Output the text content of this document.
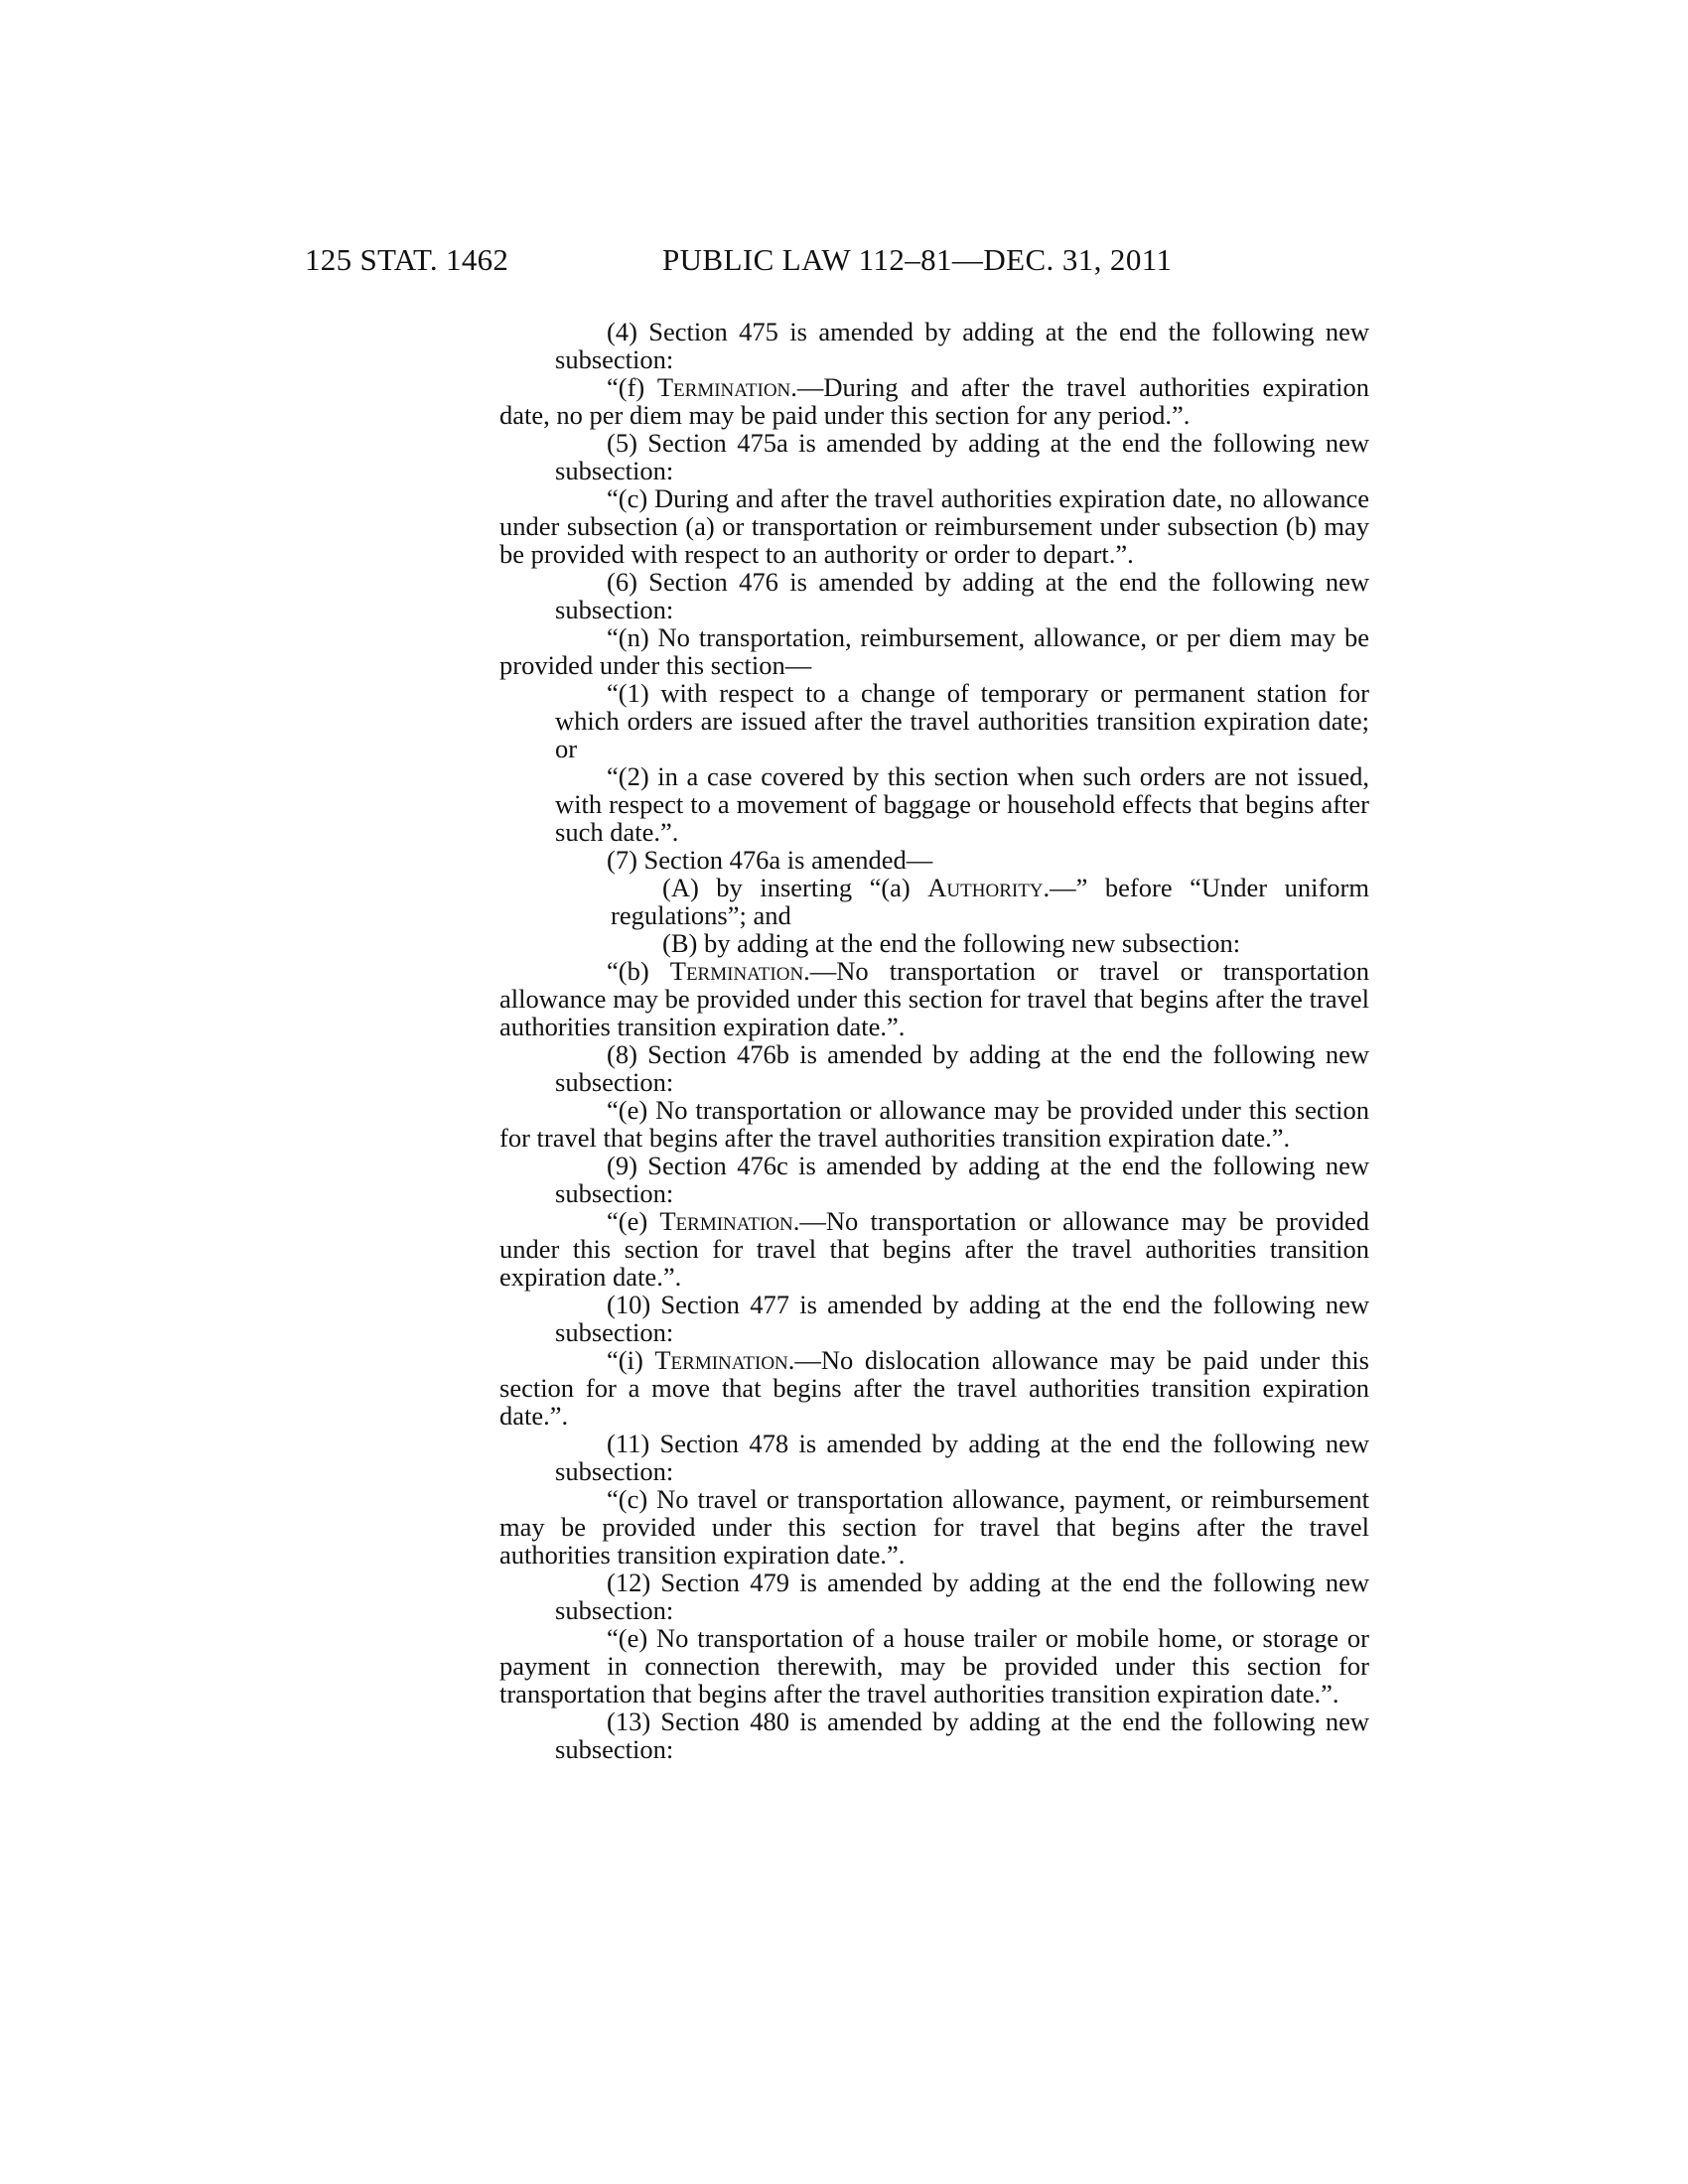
125 STAT. 1462	PUBLIC LAW 112–81—DEC. 31, 2011

(4) Section 475 is amended by adding at the end the following new subsection:

“(f) Termination.—During and after the travel authorities expiration date, no per diem may be paid under this section for any period.”.

(5) Section 475a is amended by adding at the end the following new subsection:

“(c) During and after the travel authorities expiration date, no allowance under subsection (a) or transportation or reimbursement under subsection (b) may be provided with respect to an authority or order to depart.”.

(6) Section 476 is amended by adding at the end the following new subsection:

“(n) No transportation, reimbursement, allowance, or per diem may be provided under this section—

“(1) with respect to a change of temporary or permanent station for which orders are issued after the travel authorities transition expiration date; or

“(2) in a case covered by this section when such orders are not issued, with respect to a movement of baggage or household effects that begins after such date.”.

(7) Section 476a is amended—

(A) by inserting “(a) Authority.—” before “Under uniform regulations”; and

(B) by adding at the end the following new subsection:

“(b) Termination.—No transportation or travel or transportation allowance may be provided under this section for travel that begins after the travel authorities transition expiration date.”.

(8) Section 476b is amended by adding at the end the following new subsection:

“(e) No transportation or allowance may be provided under this section for travel that begins after the travel authorities transition expiration date.”.

(9) Section 476c is amended by adding at the end the following new subsection:

“(e) Termination.—No transportation or allowance may be provided under this section for travel that begins after the travel authorities transition expiration date.”.

(10) Section 477 is amended by adding at the end the following new subsection:

“(i) Termination.—No dislocation allowance may be paid under this section for a move that begins after the travel authorities transition expiration date.”.

(11) Section 478 is amended by adding at the end the following new subsection:

“(c) No travel or transportation allowance, payment, or reimbursement may be provided under this section for travel that begins after the travel authorities transition expiration date.”.

(12) Section 479 is amended by adding at the end the following new subsection:

“(e) No transportation of a house trailer or mobile home, or storage or payment in connection therewith, may be provided under this section for transportation that begins after the travel authorities transition expiration date.”.

(13) Section 480 is amended by adding at the end the following new subsection:
